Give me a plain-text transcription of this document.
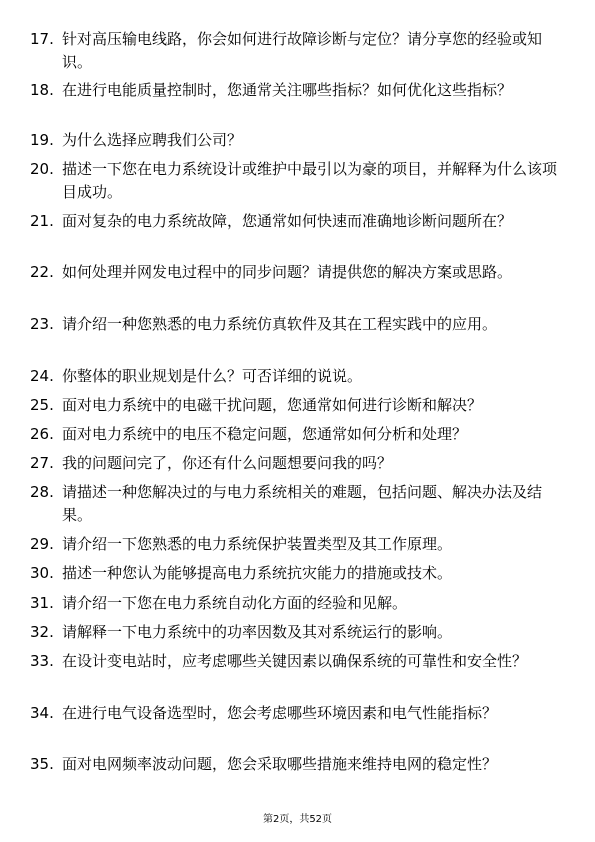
17. 针对高压输电线路，你会如何进行故障诊断与定位？请分享您的经验或知识。
18. 在进行电能质量控制时，您通常关注哪些指标？如何优化这些指标？
19. 为什么选择应聘我们公司？
20. 描述一下您在电力系统设计或维护中最引以为豪的项目，并解释为什么该项目成功。
21. 面对复杂的电力系统故障，您通常如何快速而准确地诊断问题所在？
22. 如何处理并网发电过程中的同步问题？请提供您的解决方案或思路。
23. 请介绍一种您熟悉的电力系统仿真软件及其在工程实践中的应用。
24. 你整体的职业规划是什么？可否详细的说说。
25. 面对电力系统中的电磁干扰问题，您通常如何进行诊断和解决？
26. 面对电力系统中的电压不稳定问题，您通常如何分析和处理？
27. 我的问题问完了，你还有什么问题想要问我的吗？
28. 请描述一种您解决过的与电力系统相关的难题，包括问题、解决办法及结果。
29. 请介绍一下您熟悉的电力系统保护装置类型及其工作原理。
30. 描述一种您认为能够提高电力系统抗灾能力的措施或技术。
31. 请介绍一下您在电力系统自动化方面的经验和见解。
32. 请解释一下电力系统中的功率因数及其对系统运行的影响。
33. 在设计变电站时，应考虑哪些关键因素以确保系统的可靠性和安全性？
34. 在进行电气设备选型时，您会考虑哪些环境因素和电气性能指标？
35. 面对电网频率波动问题，您会采取哪些措施来维持电网的稳定性？
第2页，共52页
